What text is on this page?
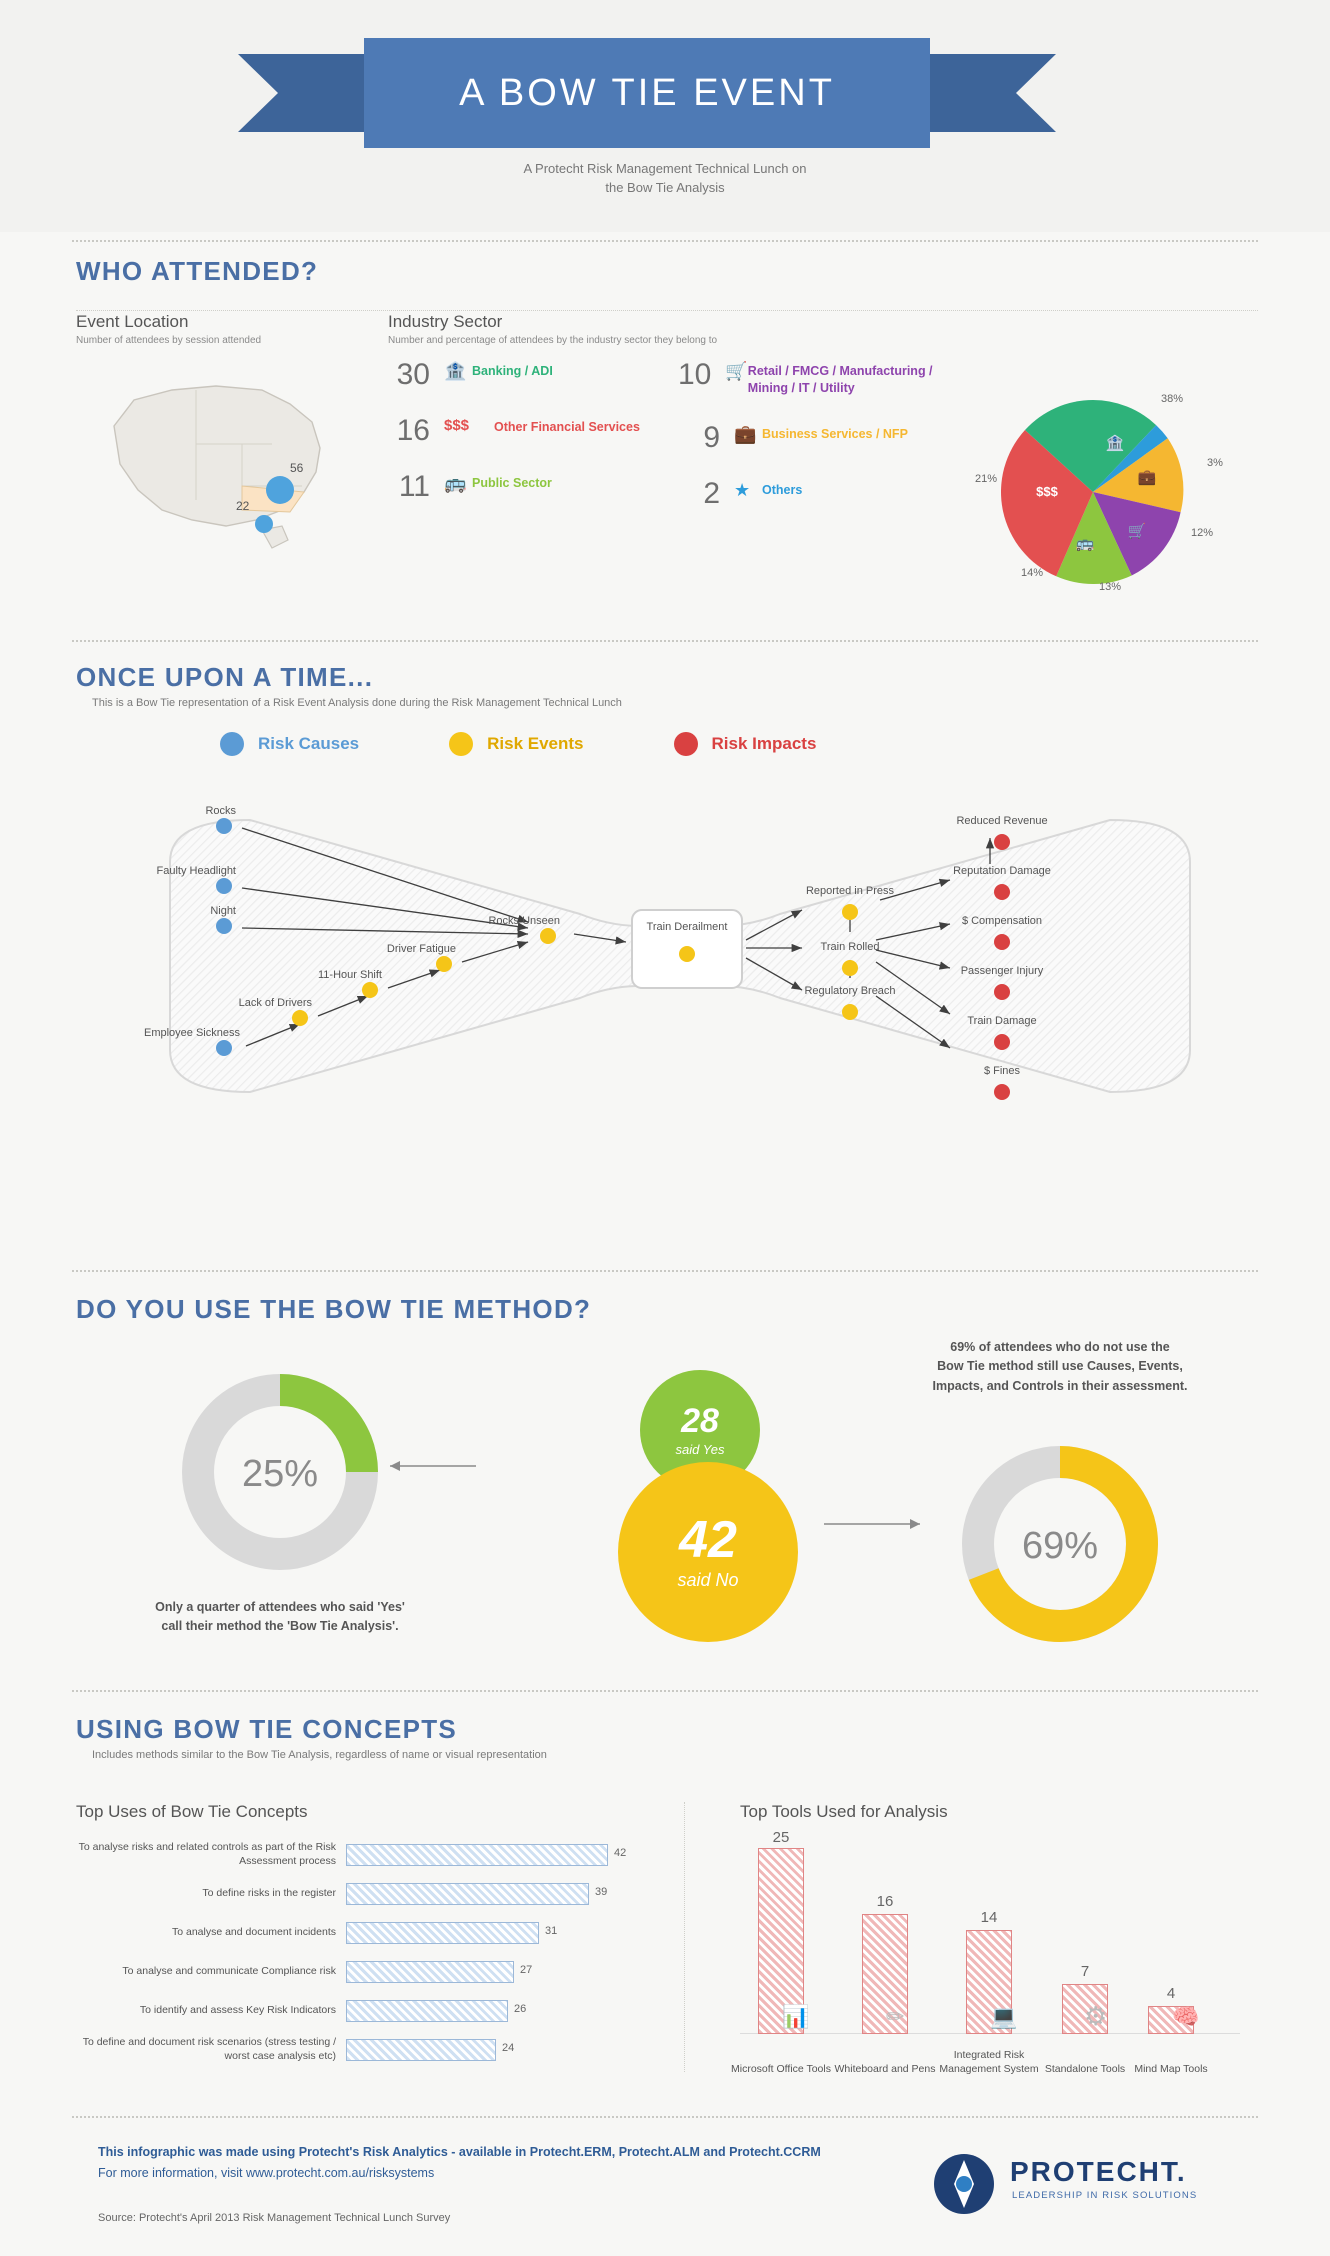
A BOW TIE EVENT
A Protecht Risk Management Technical Lunch on
the Bow Tie Analysis
WHO ATTENDED?
Event Location
Number of attendees by session attended
56
22
Industry Sector
Number and percentage of attendees by the industry sector they belong to
30 🏦 Banking / ADI
16 $$$	Other Financial Services
11 🚌 Public Sector
10 🛒 Retail / FMCG / Manufacturing / Mining / IT / Utility
9 💼 Business Services / NFP
2 ★ Others
🏦
$$$
🚌
🛒
💼
38%
21%
14%
13%
12%
3%
ONCE UPON A TIME...
This is a Bow Tie representation of a Risk Event Analysis done during the Risk Management Technical Lunch
Risk Causes	Risk Events	Risk Impacts
Rocks
Faulty Headlight
Night
Employee Sickness
Lack of Drivers
11-Hour Shift
Driver Fatigue
Rocks Unseen	Train Derailment
Reported in Press
Train Rolled
Regulatory Breach
Reduced Revenue
Reputation Damage
$ Compensation
Passenger Injury
Train Damage
$ Fines
DO YOU USE THE BOW TIE METHOD?
25%
Only a quarter of attendees who said 'Yes'
call their method the 'Bow Tie Analysis'.
28
said Yes
42
said No
69%
69% of attendees who do not use the
Bow Tie method still use Causes, Events,
Impacts, and Controls in their assessment.
USING BOW TIE CONCEPTS
Includes methods similar to the Bow Tie Analysis, regardless of name or visual representation
Top Uses of Bow Tie Concepts
To analyse risks and related controls as part of the Risk Assessment process
42
To define risks in the register	39
To analyse and document incidents	31
To analyse and communicate Compliance risk	27
To identify and assess Key Risk Indicators	26
To define and document risk scenarios (stress testing / worst case analysis etc)
24
Top Tools Used for Analysis
25
📊
Microsoft Office Tools
16
✏
Whiteboard and Pens
14
💻
Integrated Risk Management System
7
⚙
Standalone Tools
4
🧠
Mind Map Tools
This infographic was made using Protecht's Risk Analytics - available in Protecht.ERM, Protecht.ALM and Protecht.CCRM
For more information, visit www.protecht.com.au/risksystems
Source: Protecht's April 2013 Risk Management Technical Lunch Survey
PROTECHT.
LEADERSHIP IN RISK SOLUTIONS
